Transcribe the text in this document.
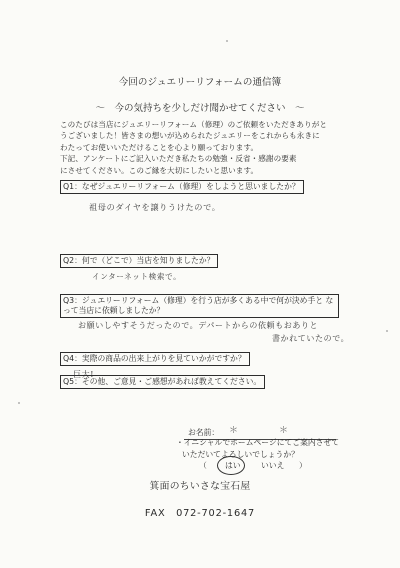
今回のジュエリーリフォームの通信簿
～　今の気持ちを少しだけ聞かせてください　～

このたびは当店にジュエリーリフォーム（修理）のご依頼をいただきありがと

うございました！皆さまの想いが込められたジュエリーをこれからも永きに

わたってお使いいただけることを心より願っております。

下記、アンケートにご記入いただき私たちの勉強・反省・感謝の要素

にさせてください。このご縁を大切にしたいと思います。

Q1：なぜジュエリーリフォーム（修理）をしようと思いましたか？
祖母のダイヤを譲りうけたので。
Q2：何で（どこで）当店を知りましたか？
インターネット検索で。
Q3：ジュエリーリフォーム（修理）を行う店が多くある中で何が決め手と なって当店に依頼しましたか？
お願いしやすそうだったので。デパートからの依頼もおありと
書かれていたので。
Q4：実際の商品の出来上がりを見ていかがですか？
巨大!
Q5：その他、ご意見・ご感想があれば教えてください。
お名前： ＊　＊
・イニシャルでホームページにてご案内させて
いただいてよろしいでしょうか？
（ はい	いいえ ）
箕面のちいさな宝石屋
FAX　072-702-1647
